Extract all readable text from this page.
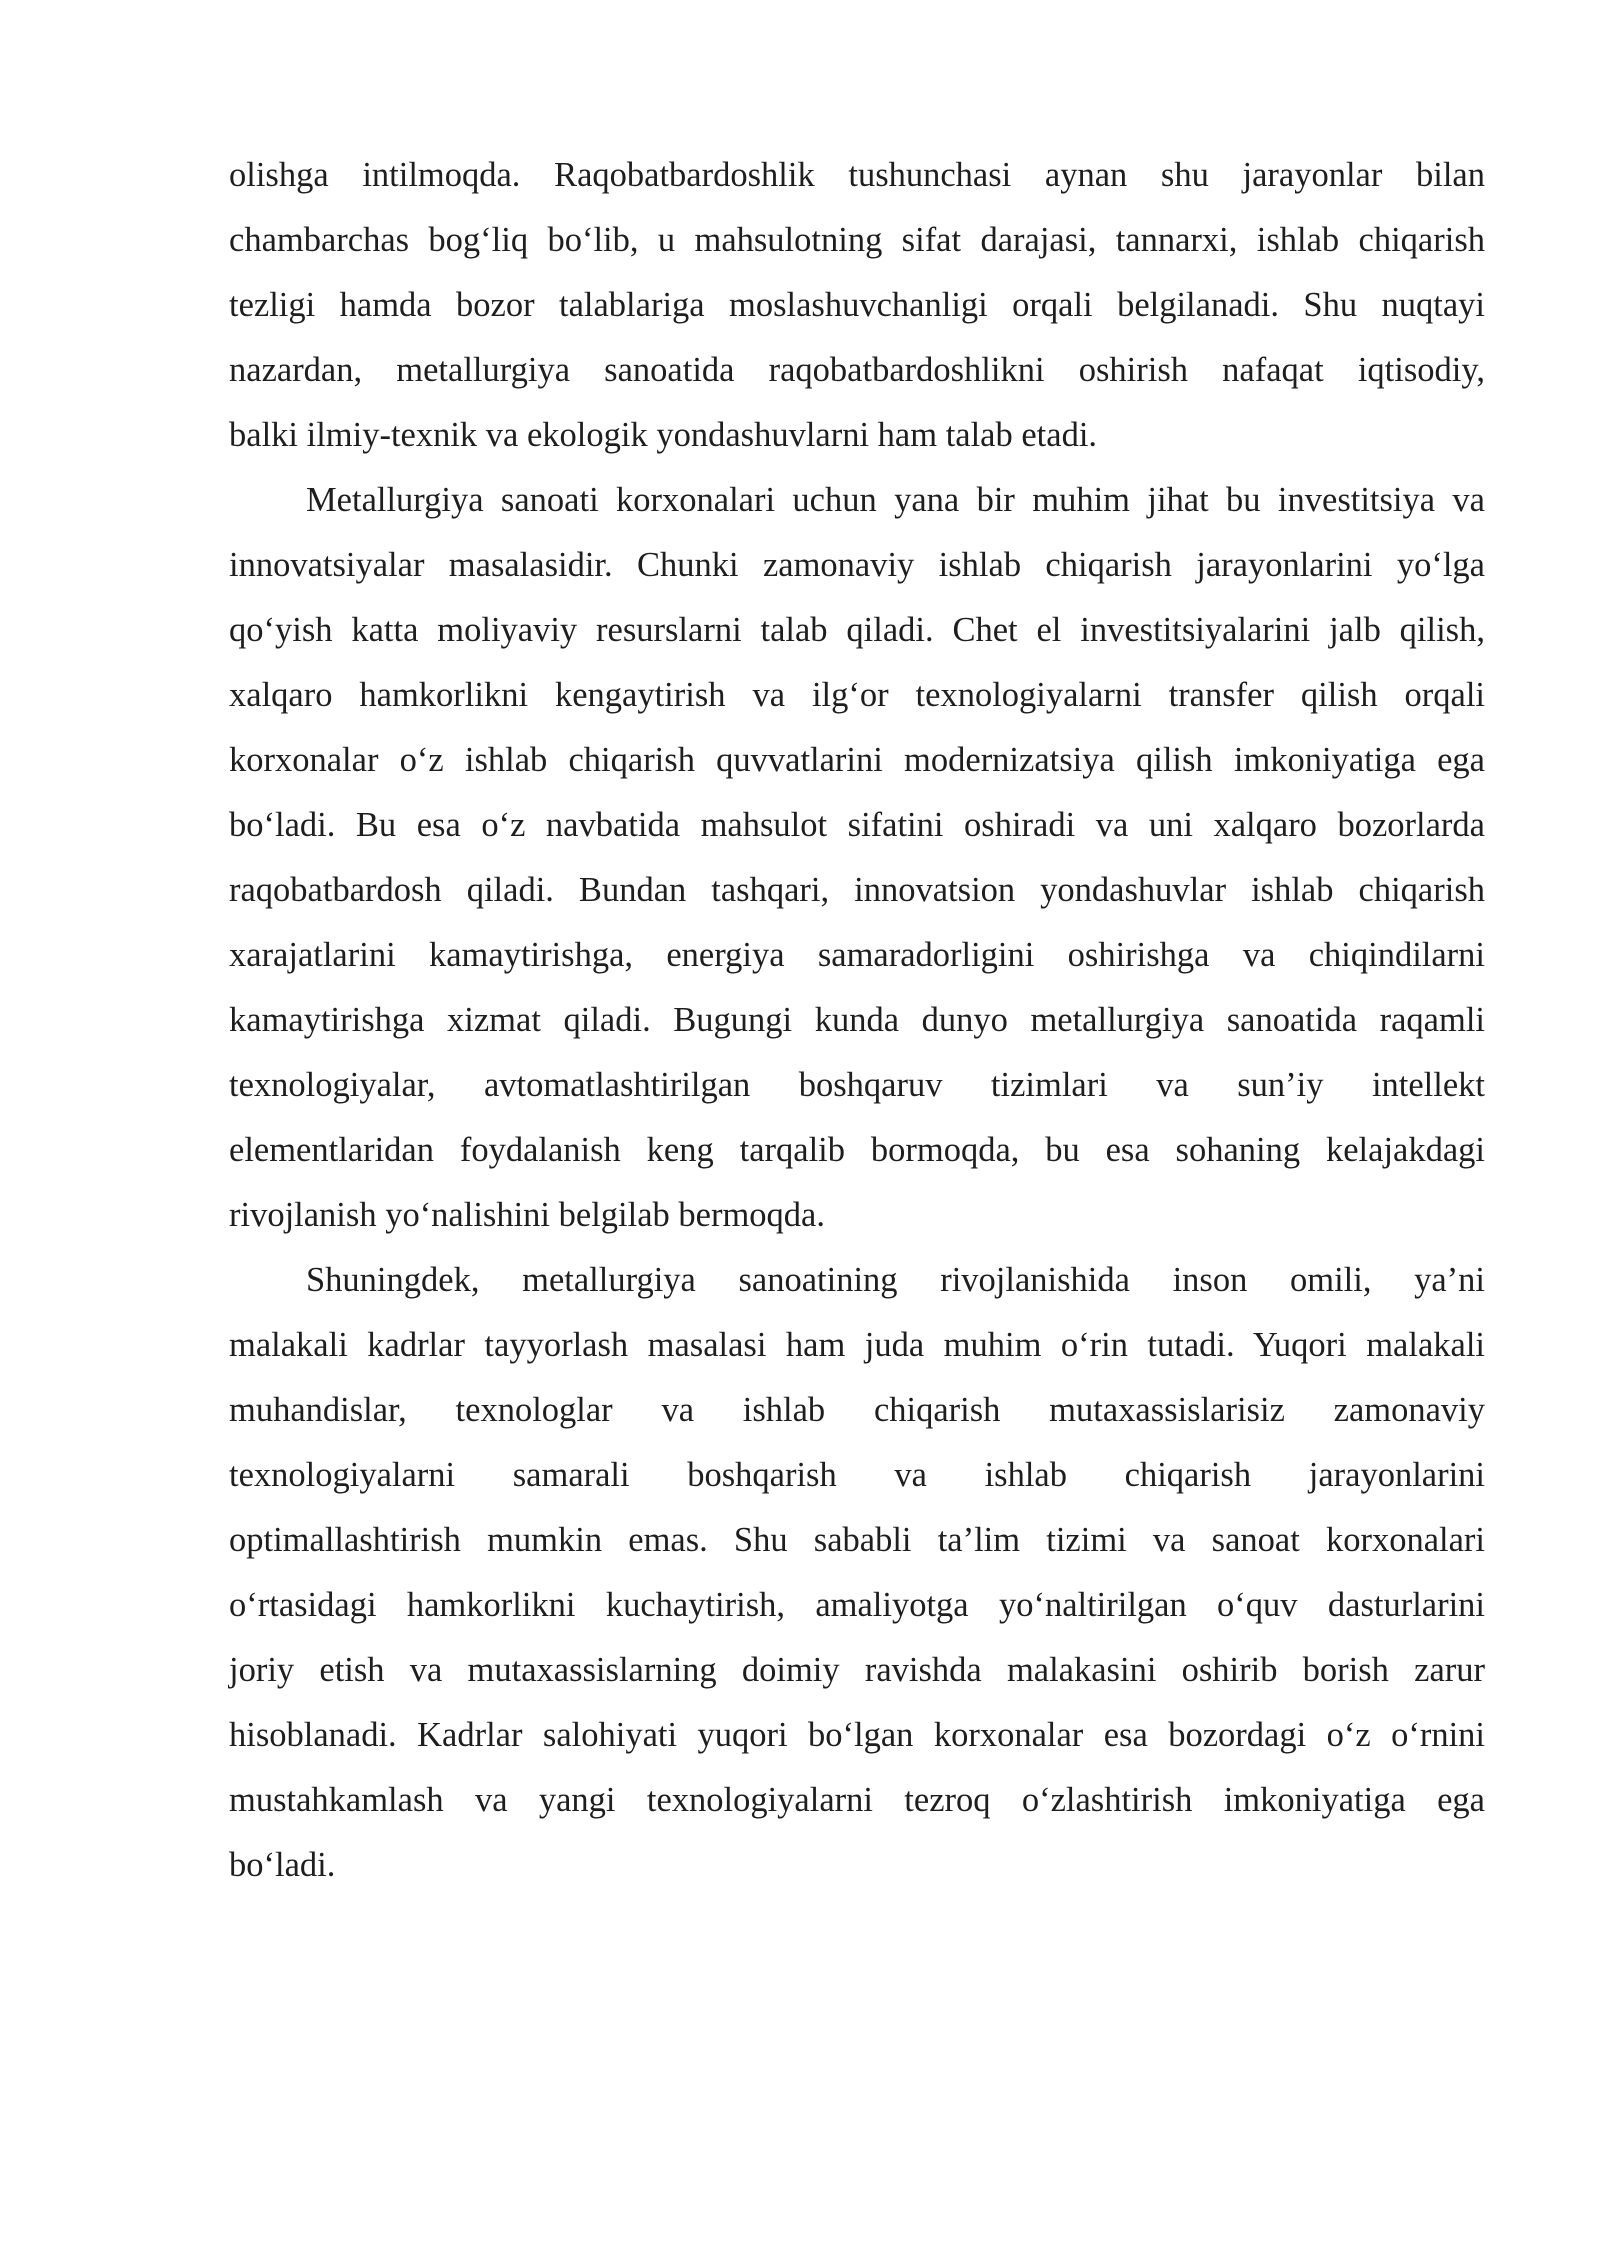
olishga intilmoqda. Raqobatbardoshlik tushunchasi aynan shu jarayonlar bilan
chambarchas bog‘liq bo‘lib, u mahsulotning sifat darajasi, tannarxi, ishlab chiqarish
tezligi hamda bozor talablariga moslashuvchanligi orqali belgilanadi. Shu nuqtayi
nazardan, metallurgiya sanoatida raqobatbardoshlikni oshirish nafaqat iqtisodiy,
balki ilmiy-texnik va ekologik yondashuvlarni ham talab etadi.

Metallurgiya sanoati korxonalari uchun yana bir muhim jihat bu investitsiya va
innovatsiyalar masalasidir. Chunki zamonaviy ishlab chiqarish jarayonlarini yo‘lga
qo‘yish katta moliyaviy resurslarni talab qiladi. Chet el investitsiyalarini jalb qilish,
xalqaro hamkorlikni kengaytirish va ilg‘or texnologiyalarni transfer qilish orqali
korxonalar o‘z ishlab chiqarish quvvatlarini modernizatsiya qilish imkoniyatiga ega
bo‘ladi. Bu esa o‘z navbatida mahsulot sifatini oshiradi va uni xalqaro bozorlarda
raqobatbardosh qiladi. Bundan tashqari, innovatsion yondashuvlar ishlab chiqarish
xarajatlarini kamaytirishga, energiya samaradorligini oshirishga va chiqindilarni
kamaytirishga xizmat qiladi. Bugungi kunda dunyo metallurgiya sanoatida raqamli
texnologiyalar, avtomatlashtirilgan boshqaruv tizimlari va sun’iy intellekt
elementlaridan foydalanish keng tarqalib bormoqda, bu esa sohaning kelajakdagi
rivojlanish yo‘nalishini belgilab bermoqda.

Shuningdek, metallurgiya sanoatining rivojlanishida inson omili, ya’ni
malakali kadrlar tayyorlash masalasi ham juda muhim o‘rin tutadi. Yuqori malakali
muhandislar, texnologlar va ishlab chiqarish mutaxassislarisiz zamonaviy
texnologiyalarni samarali boshqarish va ishlab chiqarish jarayonlarini
optimallashtirish mumkin emas. Shu sababli ta’lim tizimi va sanoat korxonalari
o‘rtasidagi hamkorlikni kuchaytirish, amaliyotga yo‘naltirilgan o‘quv dasturlarini
joriy etish va mutaxassislarning doimiy ravishda malakasini oshirib borish zarur
hisoblanadi. Kadrlar salohiyati yuqori bo‘lgan korxonalar esa bozordagi o‘z o‘rnini
mustahkamlash va yangi texnologiyalarni tezroq o‘zlashtirish imkoniyatiga ega
bo‘ladi.
